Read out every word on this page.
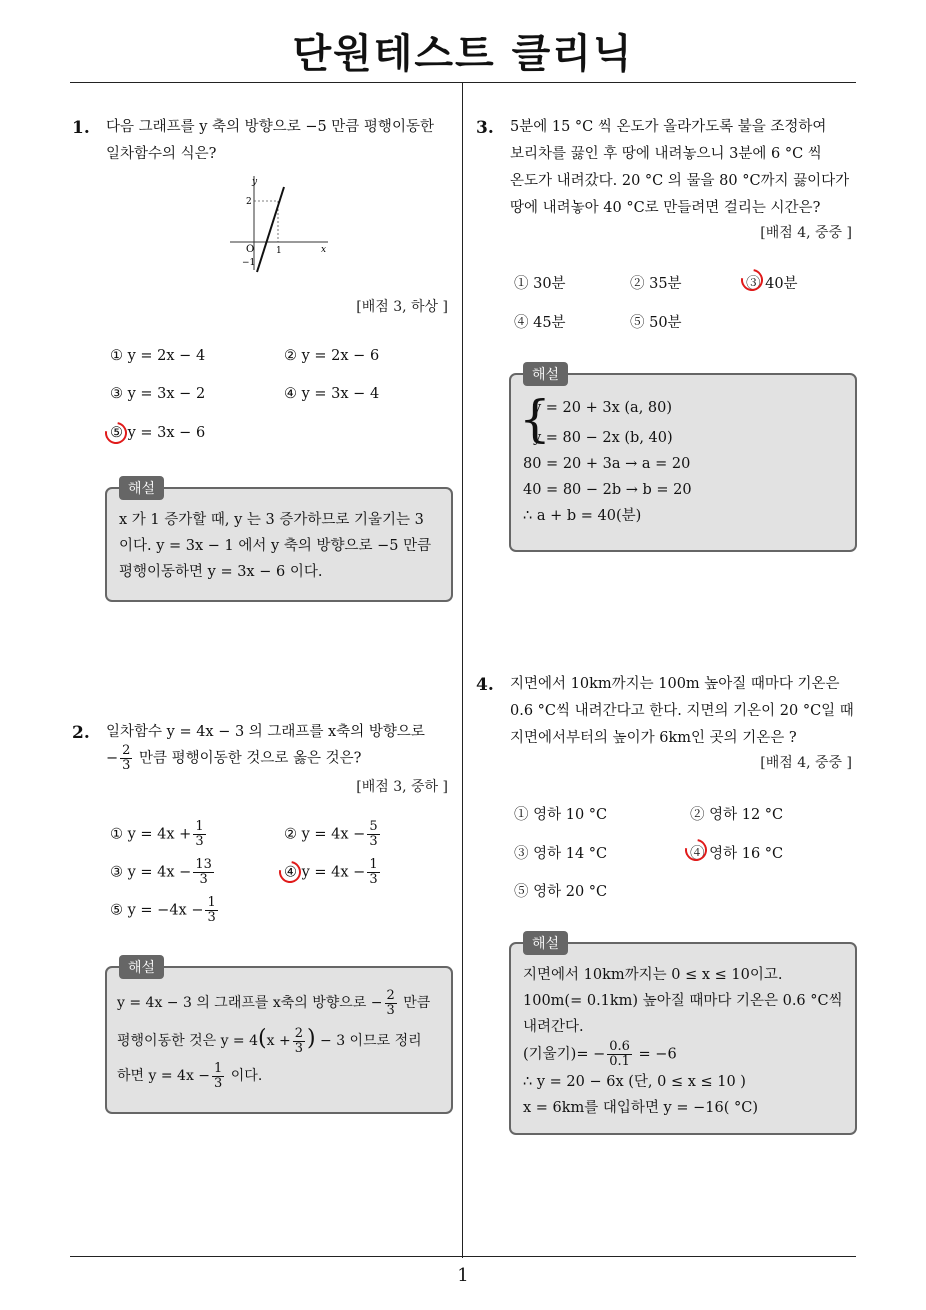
단원테스트 클리닉
1. 다음 그래프를 y 축의 방향으로 −5 만큼 평행이동한
일차함수의 식은?
y
x
O
2
−1
1
[배점 3, 하상 ]
① y = 2x − 4	② y = 2x − 6
③ y = 3x − 2	④ y = 3x − 4
⑤ y = 3x − 6
x 가 1 증가할 때, y 는 3 증가하므로 기울기는 3
이다. y = 3x − 1 에서 y 축의 방향으로 −5 만큼
평행이동하면 y = 3x − 6 이다.
해설
2. 일차함수 y = 4x − 3 의 그래프를 x축의 방향으로
− $\frac{2}{3}$ 만큼 평행이동한 것으로 옳은 것은?
[배점 3, 중하 ]
① $y = 4x + \frac{1}{3}$	② $y = 4x - \frac{5}{3}$
③ $y = 4x - \frac{13}{3}$	④ $y = 4x - \frac{1}{3}$
⑤ $y = -4x - \frac{1}{3}$
y = 4x − 3 의 그래프를 x축의 방향으로 − $\frac{2}{3}$ 만큼
평행이동한 것은 $y = 4(x + \frac{2}{3}$ ) − 3 이므로 정리
하면 $y = 4x - \frac{1}{3}$ 이다.
해설
3. 5분에 15 °C 씩 온도가 올라가도록 불을 조정하여
보리차를 끓인 후 땅에 내려놓으니 3분에 6 °C 씩
온도가 내려갔다. 20 °C 의 물을 80 °C까지 끓이다가
땅에 내려놓아 40 °C로 만들려면 걸리는 시간은?
[배점 4, 중중 ]
① 30분	② 35분	③ 40분
④ 45분	⑤ 50분
{
y = 20 + 3x (a, 80)
y = 80 − 2x (b, 40)
80 = 20 + 3a → a = 20
40 = 80 − 2b → b = 20
∴ a + b = 40(분)
해설
4. 지면에서 10km까지는 100m 높아질 때마다 기온은
0.6 °C씩 내려간다고 한다. 지면의 기온이 20 °C일 때
지면에서부터의 높이가 6km인 곳의 기온은 ?
[배점 4, 중중 ]
① 영하 10 °C	② 영하 12 °C
③ 영하 14 °C	④ 영하 16 °C
⑤ 영하 20 °C
지면에서 10km까지는 0 ≤ x ≤ 10이고.
100m(= 0.1km) 높아질 때마다 기온은 0.6 °C씩
내려간다.
(기울기)= − $\frac{0.6}{0.1} = -6$
∴ y = 20 − 6x (단, 0 ≤ x ≤ 10 )
x = 6km를 대입하면 y = −16( °C)
해설
1
